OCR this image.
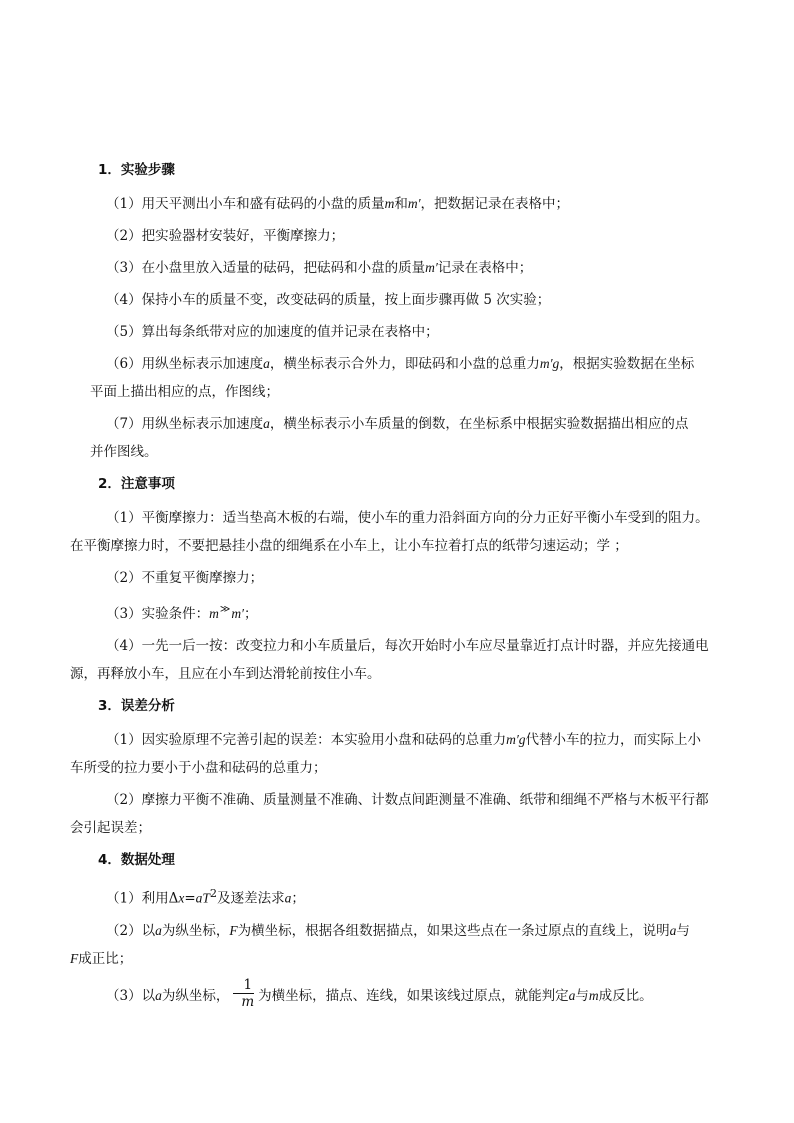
1．实验步骤
（1）用天平测出小车和盛有砝码的小盘的质量m和m′，把数据记录在表格中；
（2）把实验器材安装好，平衡摩擦力；
（3）在小盘里放入适量的砝码，把砝码和小盘的质量m′记录在表格中；
（4）保持小车的质量不变，改变砝码的质量，按上面步骤再做 5 次实验；
（5）算出每条纸带对应的加速度的值并记录在表格中；
（6）用纵坐标表示加速度a，横坐标表示合外力，即砝码和小盘的总重力m′g，根据实验数据在坐标
平面上描出相应的点，作图线；
（7）用纵坐标表示加速度a，横坐标表示小车质量的倒数，在坐标系中根据实验数据描出相应的点
并作图线。
2．注意事项
（1）平衡摩擦力：适当垫高木板的右端，使小车的重力沿斜面方向的分力正好平衡小车受到的阻力。
在平衡摩擦力时，不要把悬挂小盘的细绳系在小车上，让小车拉着打点的纸带匀速运动；学 ；
（2）不重复平衡摩擦力；
（3）实验条件：m≫m′；
（4）一先一后一按：改变拉力和小车质量后，每次开始时小车应尽量靠近打点计时器，并应先接通电
源，再释放小车，且应在小车到达滑轮前按住小车。
3．误差分析
（1）因实验原理不完善引起的误差：本实验用小盘和砝码的总重力m′g代替小车的拉力，而实际上小
车所受的拉力要小于小盘和砝码的总重力；
（2）摩擦力平衡不准确、质量测量不准确、计数点间距测量不准确、纸带和细绳不严格与木板平行都
会引起误差；
4．数据处理
（1）利用$\Delta x=aT^2$及逐差法求a；
（2）以a为纵坐标，F为横坐标，根据各组数据描点，如果这些点在一条过原点的直线上，说明a与
F成正比；
（3）以a为纵坐标， $\frac{1}{m}$ 为横坐标，描点、连线，如果该线过原点，就能判定a与m成反比。
